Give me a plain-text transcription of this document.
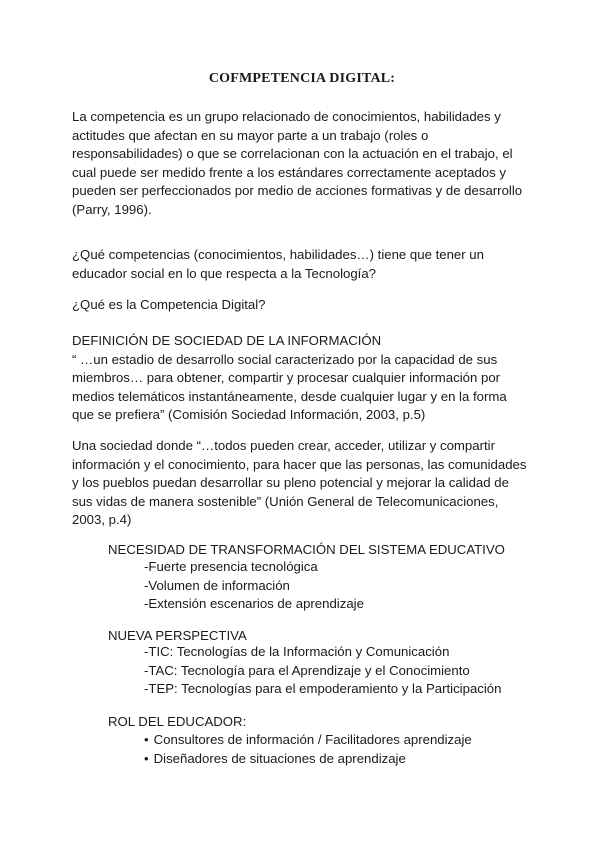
COFMPETENCIA DIGITAL:

La competencia es un grupo relacionado de conocimientos, habilidades y actitudes que afectan en su mayor parte a un trabajo (roles o responsabilidades) o que se correlacionan con la actuación en el trabajo, el cual puede ser medido frente a los estándares correctamente aceptados y pueden ser perfeccionados por medio de acciones formativas y de desarrollo (Parry, 1996).

¿Qué competencias (conocimientos, habilidades…) tiene que tener un educador social en lo que respecta a la Tecnología?

¿Qué es la Competencia Digital?

DEFINICIÓN DE SOCIEDAD DE LA INFORMACIÓN
“ …un estadio de desarrollo social caracterizado por la capacidad de sus miembros… para obtener, compartir y procesar cualquier información por medios telemáticos instantáneamente, desde cualquier lugar y en la forma que se prefiera” (Comisión Sociedad Información, 2003, p.5)

Una sociedad donde “…todos pueden crear, acceder, utilizar y compartir información y el conocimiento, para hacer que las personas, las comunidades y los pueblos puedan desarrollar su pleno potencial y mejorar la calidad de sus vidas de manera sostenible” (Unión General de Telecomunicaciones, 2003, p.4)

NECESIDAD DE TRANSFORMACIÓN DEL SISTEMA EDUCATIVO
-Fuerte presencia tecnológica
-Volumen de información
-Extensión escenarios de aprendizaje
NUEVA PERSPECTIVA
-TIC: Tecnologías de la Información y Comunicación
-TAC: Tecnología para el Aprendizaje y el Conocimiento
-TEP: Tecnologías para el empoderamiento y la Participación
ROL DEL EDUCADOR:
• Consultores de información / Facilitadores aprendizaje
• Diseñadores de situaciones de aprendizaje
